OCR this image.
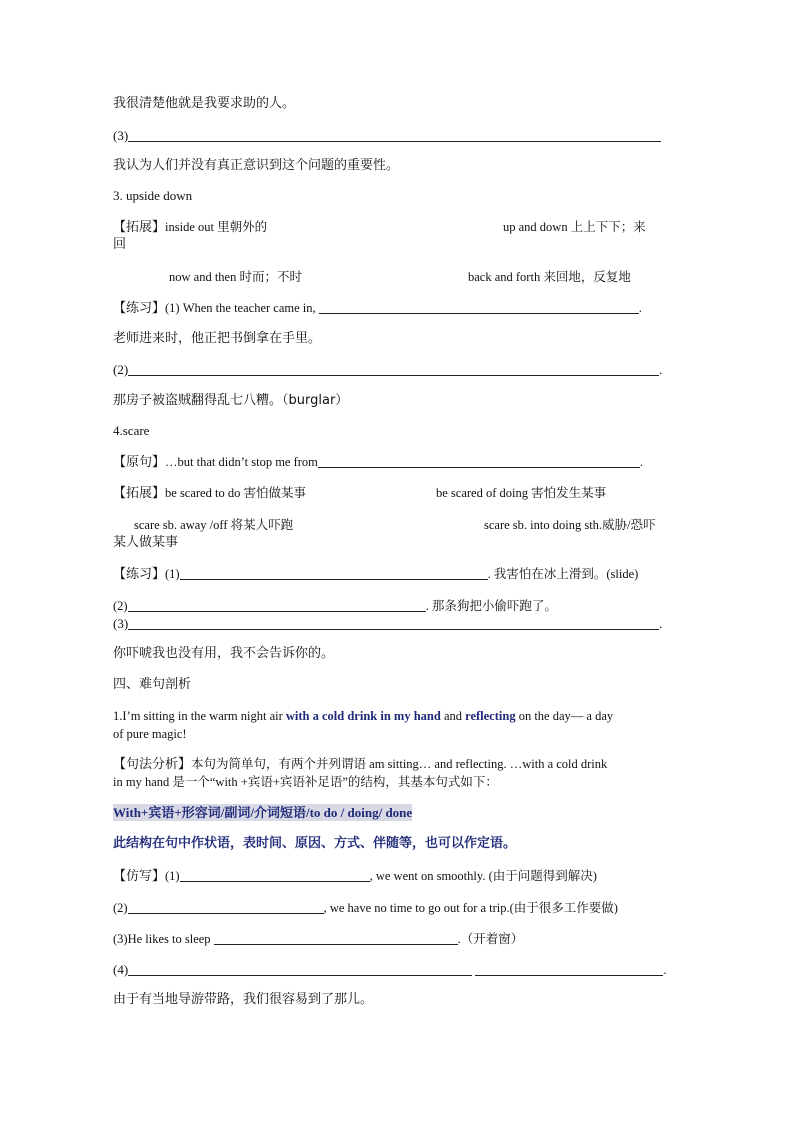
我很清楚他就是我要求助的人。
(3)
我认为人们并没有真正意识到这个问题的重要性。
3. upside down
【拓展】inside out 里朝外的	up and down 上上下下；来
回
now and then 时而；不时	back and forth 来回地，反复地
【练习】(1) When the teacher came in,	.
老师进来时，他正把书倒拿在手里。
(2)	.
那房子被盗贼翻得乱七八糟。（burglar）
4.scare
【原句】…but that didn’t stop me from	.
【拓展】be scared to do 害怕做某事	be scared of doing 害怕发生某事
scare sb. away /off 将某人吓跑	scare sb. into doing sth.威胁/恐吓
某人做某事
【练习】(1)	. 我害怕在冰上滑到。(slide)
(2)	. 那条狗把小偷吓跑了。
(3)	.
你吓唬我也没有用，我不会告诉你的。
四、难句剖析
1.I’m sitting in the warm night air with a cold drink in my hand and reflecting on the day— a day
of pure magic!
【句法分析】本句为简单句，有两个并列谓语 am sitting… and reflecting. …with a cold drink
in my hand 是一个“with +宾语+宾语补足语”的结构，其基本句式如下：
With+宾语+形容词/副词/介词短语/to do / doing/ done
此结构在句中作状语，表时间、原因、方式、伴随等，也可以作定语。
【仿写】(1)	, we went on smoothly. (由于问题得到解决)
(2)	, we have no time to go out for a trip.(由于很多工作要做)
(3)He likes to sleep	.（开着窗）
(4)	.
由于有当地导游带路，我们很容易到了那儿。
